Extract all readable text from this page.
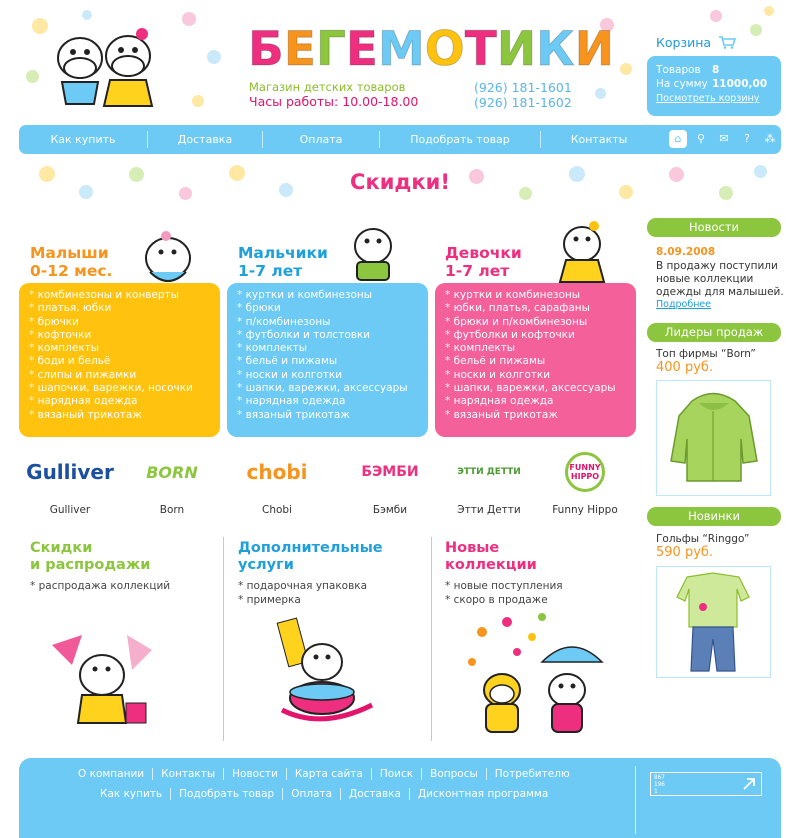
Б Е Г Е М О Т И К И
Магазин детских товаров
Часы работы: 10.00-18.00
(926) 181-1601
(926) 181-1602
Корзина
Товаров	8
На сумму 11000,00
Посмотреть корзину
Как купить	Доставка	Оплата	Подобрать товар	Контакты	⌂	⚲	✉	?	⁂	i
Скидки!
Малыши
0-12 мес.
* комбинезоны и конверты
* платья, юбки
* брючки
* кофточки
* комплекты
* боди и бельё
* слипы и пижамки
* шапочки, варежки, носочки
* нарядная одежда
* вязаный трикотаж
Мальчики
1-7 лет
* куртки и комбинезоны
* брюки
* п/комбинезоны
* футболки и толстовки
* комплекты
* бельё и пижамы
* носки и колготки
* шапки, варежки, аксессуары
* нарядная одежда
* вязаный трикотаж
Девочки
1-7 лет
* куртки и комбинезоны
* юбки, платья, сарафаны
* брюки и п/комбинезоны
* футболки и кофточки
* комплекты
* бельё и пижамы
* носки и колготки
* шапки, варежки, аксессуары
* нарядная одежда
* вязаный трикотаж
Gulliver
Gulliver
BORN
Born
chobi
Chobi
БЭМБИ
Бэмби
ЭТТИ ДЕТТИ
Этти Детти
FUNNY HIPPO
Funny Hippo
Скидки
и распродажи
* распродажа коллекций
Дополнительные
услуги
* подарочная упаковка
* примерка
Новые
коллекции
* новые поступления
* скоро в продаже
Новости
8.09.2008
В продажу поступили новые коллекции одежды для малышей.
Подробнее
Лидеры продаж
Топ фирмы “Born”
400 руб.
Новинки
Гольфы “Ringgo”
590 руб.
О компании Контакты Новости Карта сайта Поиск Вопросы Потребителю
Как купить Подобрать товар Оплата Доставка Дисконтная программа
867
196
1
